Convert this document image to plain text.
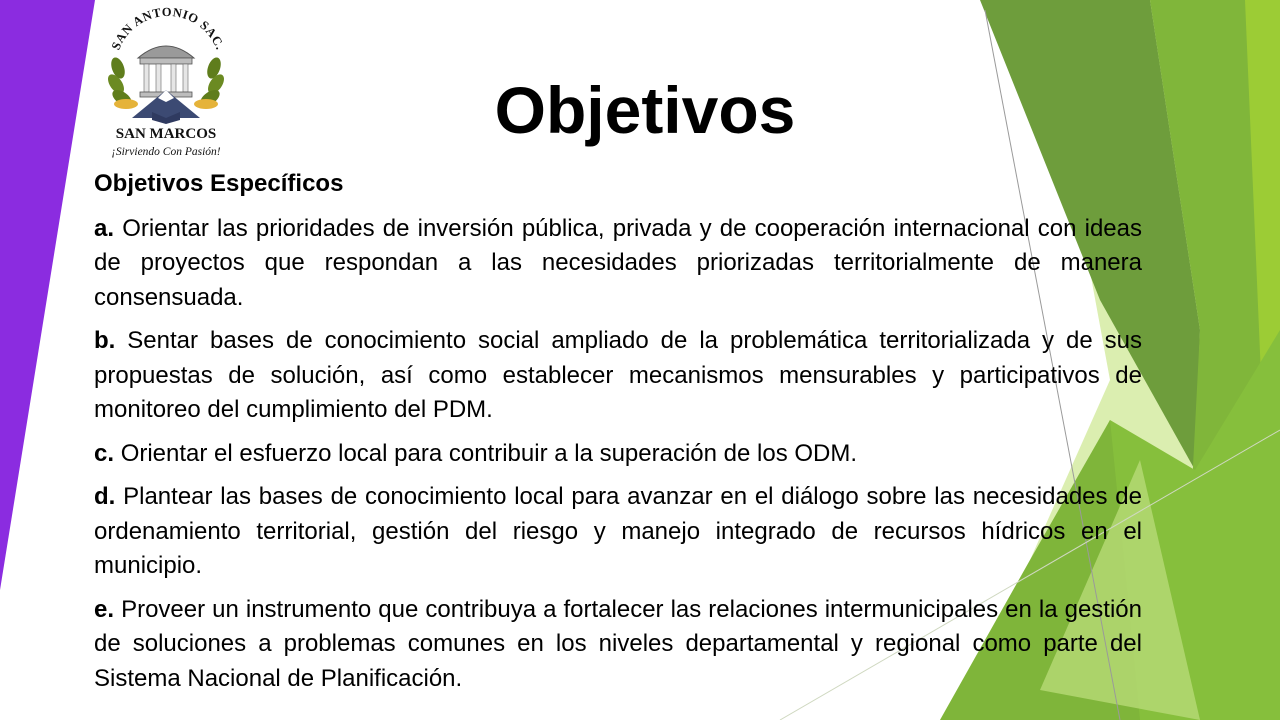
SAN ANTONIO SAC.
SAN MARCOS
¡Sirviendo Con Pasión!
Objetivos

Objetivos Específicos

a. Orientar las prioridades de inversión pública, privada y de cooperación internacional con ideas de proyectos que respondan a las necesidades priorizadas territorialmente de manera consensuada.

b. Sentar bases de conocimiento social ampliado de la problemática territorializada y de sus propuestas de solución, así como establecer mecanismos mensurables y participativos de monitoreo del cumplimiento del PDM.

c. Orientar el esfuerzo local para contribuir a la superación de los ODM.

d. Plantear las bases de conocimiento local para avanzar en el diálogo sobre las necesidades de ordenamiento territorial, gestión del riesgo y manejo integrado de recursos hídricos en el municipio.

e. Proveer un instrumento que contribuya a fortalecer las relaciones intermunicipales en la gestión de soluciones a problemas comunes en los niveles departamental y regional como parte del Sistema Nacional de Planificación.
